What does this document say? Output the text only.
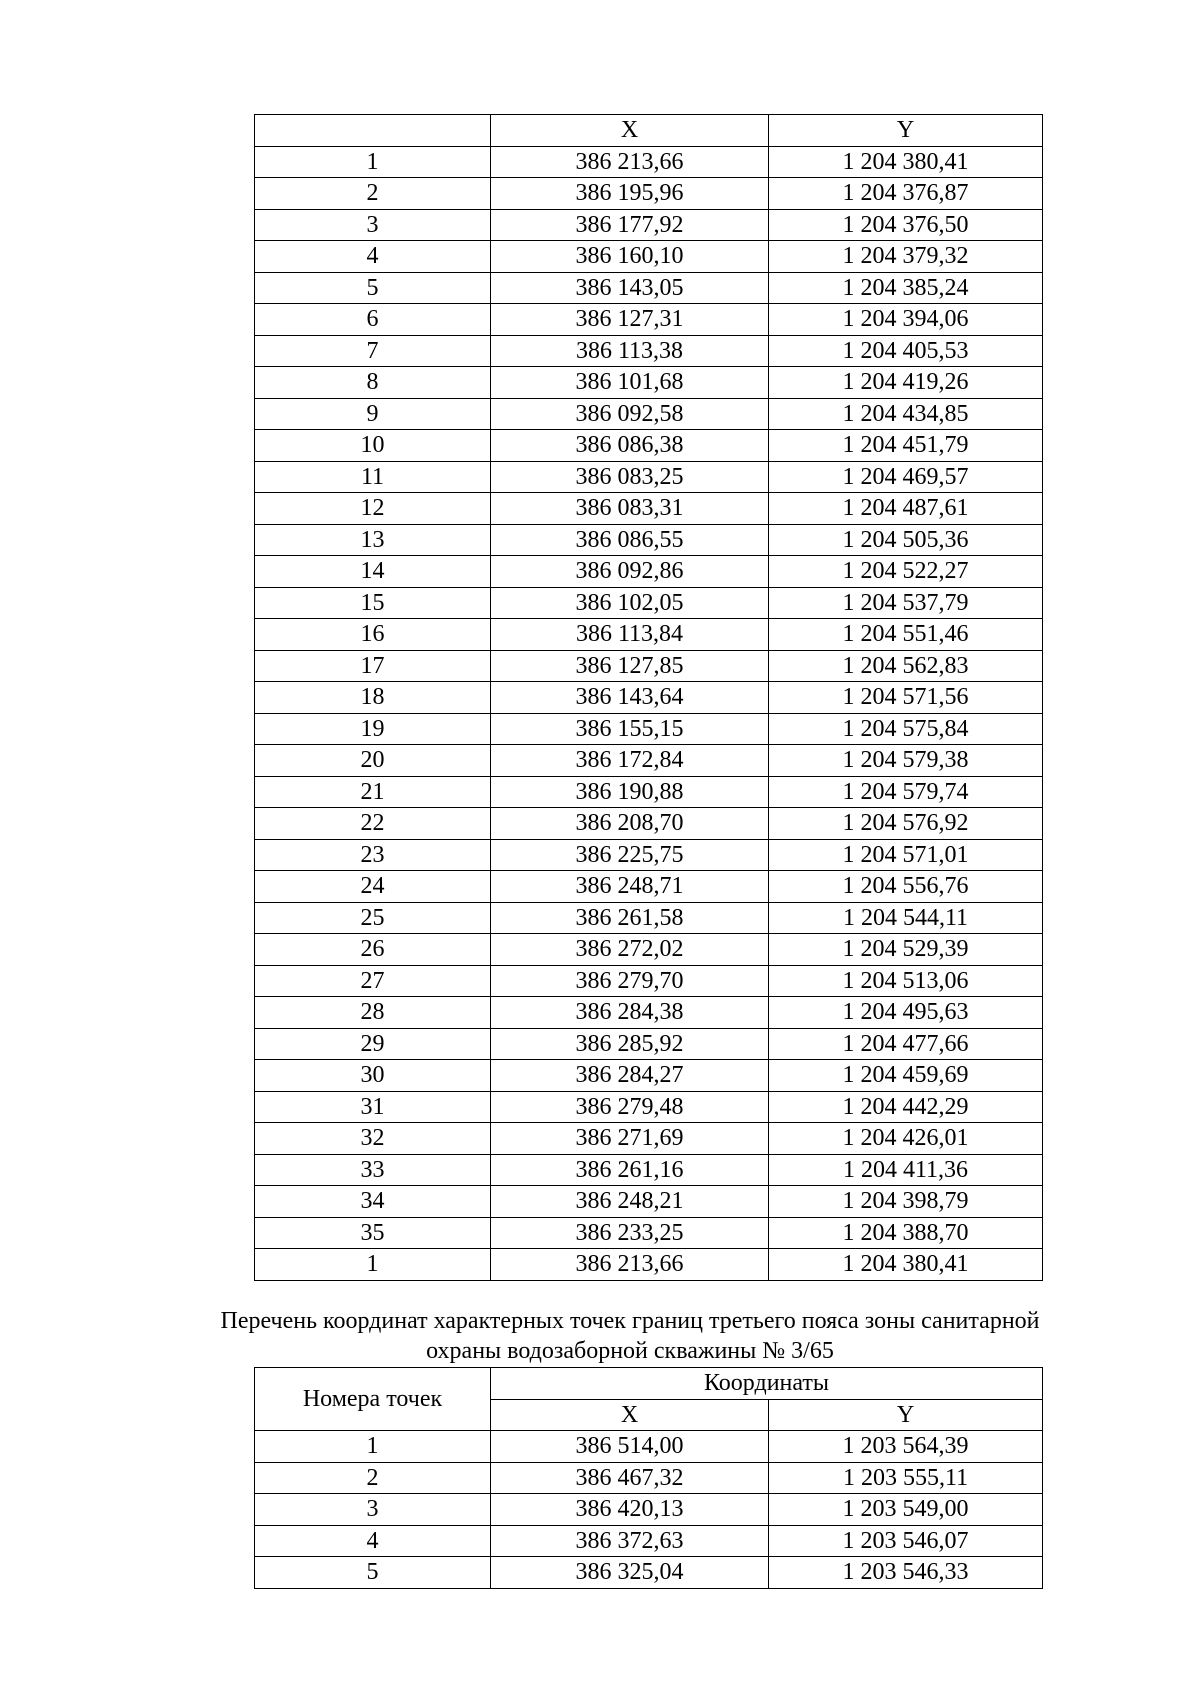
	X	Y
1	386 213,66	1 204 380,41
2	386 195,96	1 204 376,87
3	386 177,92	1 204 376,50
4	386 160,10	1 204 379,32
5	386 143,05	1 204 385,24
6	386 127,31	1 204 394,06
7	386 113,38	1 204 405,53
8	386 101,68	1 204 419,26
9	386 092,58	1 204 434,85
10	386 086,38	1 204 451,79
11	386 083,25	1 204 469,57
12	386 083,31	1 204 487,61
13	386 086,55	1 204 505,36
14	386 092,86	1 204 522,27
15	386 102,05	1 204 537,79
16	386 113,84	1 204 551,46
17	386 127,85	1 204 562,83
18	386 143,64	1 204 571,56
19	386 155,15	1 204 575,84
20	386 172,84	1 204 579,38
21	386 190,88	1 204 579,74
22	386 208,70	1 204 576,92
23	386 225,75	1 204 571,01
24	386 248,71	1 204 556,76
25	386 261,58	1 204 544,11
26	386 272,02	1 204 529,39
27	386 279,70	1 204 513,06
28	386 284,38	1 204 495,63
29	386 285,92	1 204 477,66
30	386 284,27	1 204 459,69
31	386 279,48	1 204 442,29
32	386 271,69	1 204 426,01
33	386 261,16	1 204 411,36
34	386 248,21	1 204 398,79
35	386 233,25	1 204 388,70
1	386 213,66	1 204 380,41
Перечень координат характерных точек границ третьего пояса зоны санитарной
охраны водозаборной скважины № 3/65
Номера точек	Координаты	
	X	Y
1	386 514,00	1 203 564,39
2	386 467,32	1 203 555,11
3	386 420,13	1 203 549,00
4	386 372,63	1 203 546,07
5	386 325,04	1 203 546,33
